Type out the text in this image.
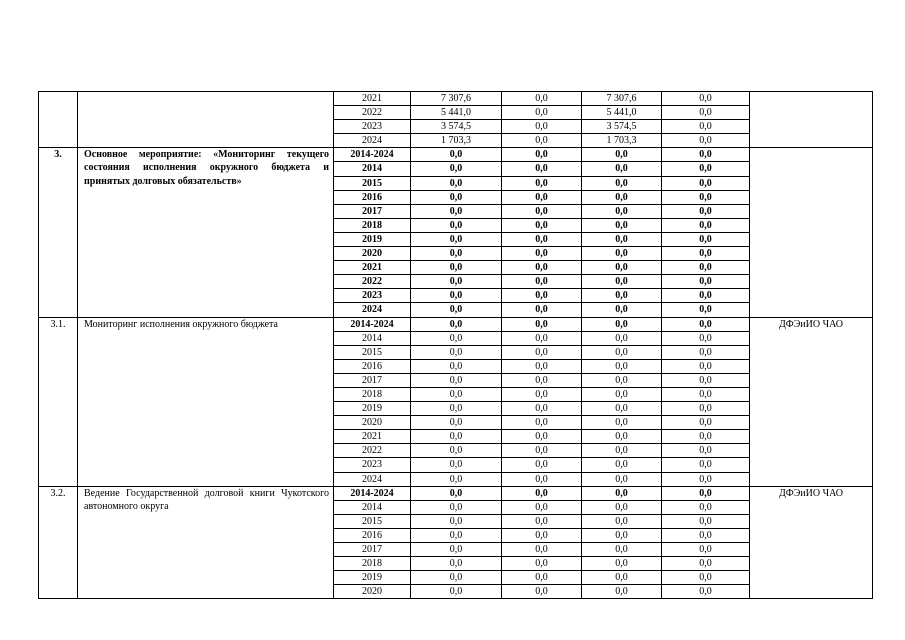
		2021	7 307,6	0,0	7 307,6	0,0	
		2022	5 441,0	0,0	5 441,0	0,0	
		2023	3 574,5	0,0	3 574,5	0,0	
		2024	1 703,3	0,0	1 703,3	0,0	
3.	Основное мероприятие: «Мониторинг текущего состояния исполнения окружного бюджета и принятых долговых обязательств»	2014-2024	0,0	0,0	0,0	0,0	
		2014	0,0	0,0	0,0	0,0	
		2015	0,0	0,0	0,0	0,0	
		2016	0,0	0,0	0,0	0,0	
		2017	0,0	0,0	0,0	0,0	
		2018	0,0	0,0	0,0	0,0	
		2019	0,0	0,0	0,0	0,0	
		2020	0,0	0,0	0,0	0,0	
		2021	0,0	0,0	0,0	0,0	
		2022	0,0	0,0	0,0	0,0	
		2023	0,0	0,0	0,0	0,0	
		2024	0,0	0,0	0,0	0,0	
3.1.	Мониторинг исполнения окружного бюджета	2014-2024	0,0	0,0	0,0	0,0	ДФЭиИО ЧАО
		2014	0,0	0,0	0,0	0,0	
		2015	0,0	0,0	0,0	0,0	
		2016	0,0	0,0	0,0	0,0	
		2017	0,0	0,0	0,0	0,0	
		2018	0,0	0,0	0,0	0,0	
		2019	0,0	0,0	0,0	0,0	
		2020	0,0	0,0	0,0	0,0	
		2021	0,0	0,0	0,0	0,0	
		2022	0,0	0,0	0,0	0,0	
		2023	0,0	0,0	0,0	0,0	
		2024	0,0	0,0	0,0	0,0	
3.2.	Ведение Государственной долговой книги Чукотского автономного округа	2014-2024	0,0	0,0	0,0	0,0	ДФЭиИО ЧАО
		2014	0,0	0,0	0,0	0,0	
		2015	0,0	0,0	0,0	0,0	
		2016	0,0	0,0	0,0	0,0	
		2017	0,0	0,0	0,0	0,0	
		2018	0,0	0,0	0,0	0,0	
		2019	0,0	0,0	0,0	0,0	
		2020	0,0	0,0	0,0	0,0	
